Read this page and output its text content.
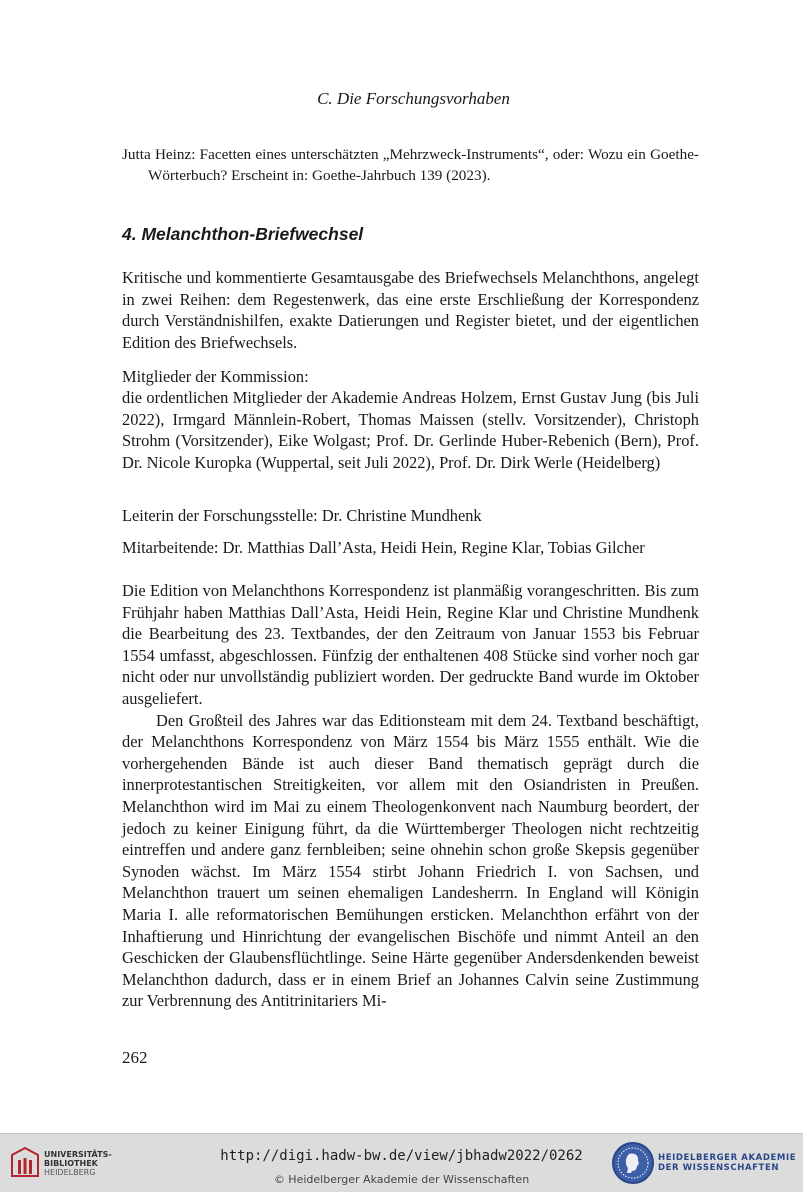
C. Die Forschungsvorhaben
Jutta Heinz: Facetten eines unterschätzten „Mehrzweck-Instruments“, oder: Wozu ein Goethe-Wörterbuch? Erscheint in: Goethe-Jahrbuch 139 (2023).
4. Melanchthon-Briefwechsel

Kritische und kommentierte Gesamtausgabe des Briefwechsels Melanchthons, angelegt in zwei Reihen: dem Regestenwerk, das eine erste Erschließung der Korrespondenz durch Verständnishilfen, exakte Datierungen und Register bietet, und der eigentlichen Edition des Briefwechsels.

Mitglieder der Kommission:

die ordentlichen Mitglieder der Akademie Andreas Holzem, Ernst Gustav Jung (bis Juli 2022), Irmgard Männlein-Robert, Thomas Maissen (stellv. Vorsitzender), Christoph Strohm (Vorsitzender), Eike Wolgast; Prof. Dr. Gerlinde Huber-Rebenich (Bern), Prof. Dr. Nicole Kuropka (Wuppertal, seit Juli 2022), Prof. Dr. Dirk Werle (Heidelberg)

Leiterin der Forschungsstelle: Dr. Christine Mundhenk

Mitarbeitende: Dr. Matthias Dall’Asta, Heidi Hein, Regine Klar, Tobias Gilcher

Die Edition von Melanchthons Korrespondenz ist planmäßig vorangeschritten. Bis zum Frühjahr haben Matthias Dall’Asta, Heidi Hein, Regine Klar und Christine Mundhenk die Bearbeitung des 23. Textbandes, der den Zeitraum von Januar 1553 bis Februar 1554 umfasst, abgeschlossen. Fünfzig der enthaltenen 408 Stücke sind vorher noch gar nicht oder nur unvollständig publiziert worden. Der gedruckte Band wurde im Oktober ausgeliefert.

Den Großteil des Jahres war das Editionsteam mit dem 24. Textband beschäftigt, der Melanchthons Korrespondenz von März 1554 bis März 1555 enthält. Wie die vorhergehenden Bände ist auch dieser Band thematisch geprägt durch die innerprotestantischen Streitigkeiten, vor allem mit den Osiandristen in Preußen. Melanchthon wird im Mai zu einem Theologenkonvent nach Naumburg beordert, der jedoch zu keiner Einigung führt, da die Württemberger Theologen nicht rechtzeitig eintreffen und andere ganz fernbleiben; seine ohnehin schon große Skepsis gegenüber Synoden wächst. Im März 1554 stirbt Johann Friedrich I. von Sachsen, und Melanchthon trauert um seinen ehemaligen Landesherrn. In England will Königin Maria I. alle reformatorischen Bemühungen ersticken. Melanchthon erfährt von der Inhaftierung und Hinrichtung der evangelischen Bischöfe und nimmt Anteil an den Geschicken der Glaubensflüchtlinge. Seine Härte gegenüber Andersdenkenden beweist Melanchthon dadurch, dass er in einem Brief an Johannes Calvin seine Zustimmung zur Verbrennung des Antitrinitariers Mi-

262
UNIVERSITÄTS-
BIBLIOTHEK
HEIDELBERG
http://digi.hadw-bw.de/view/jbhadw2022/0262
© Heidelberger Akademie der Wissenschaften
HEIDELBERGER AKADEMIE
DER WISSENSCHAFTEN
